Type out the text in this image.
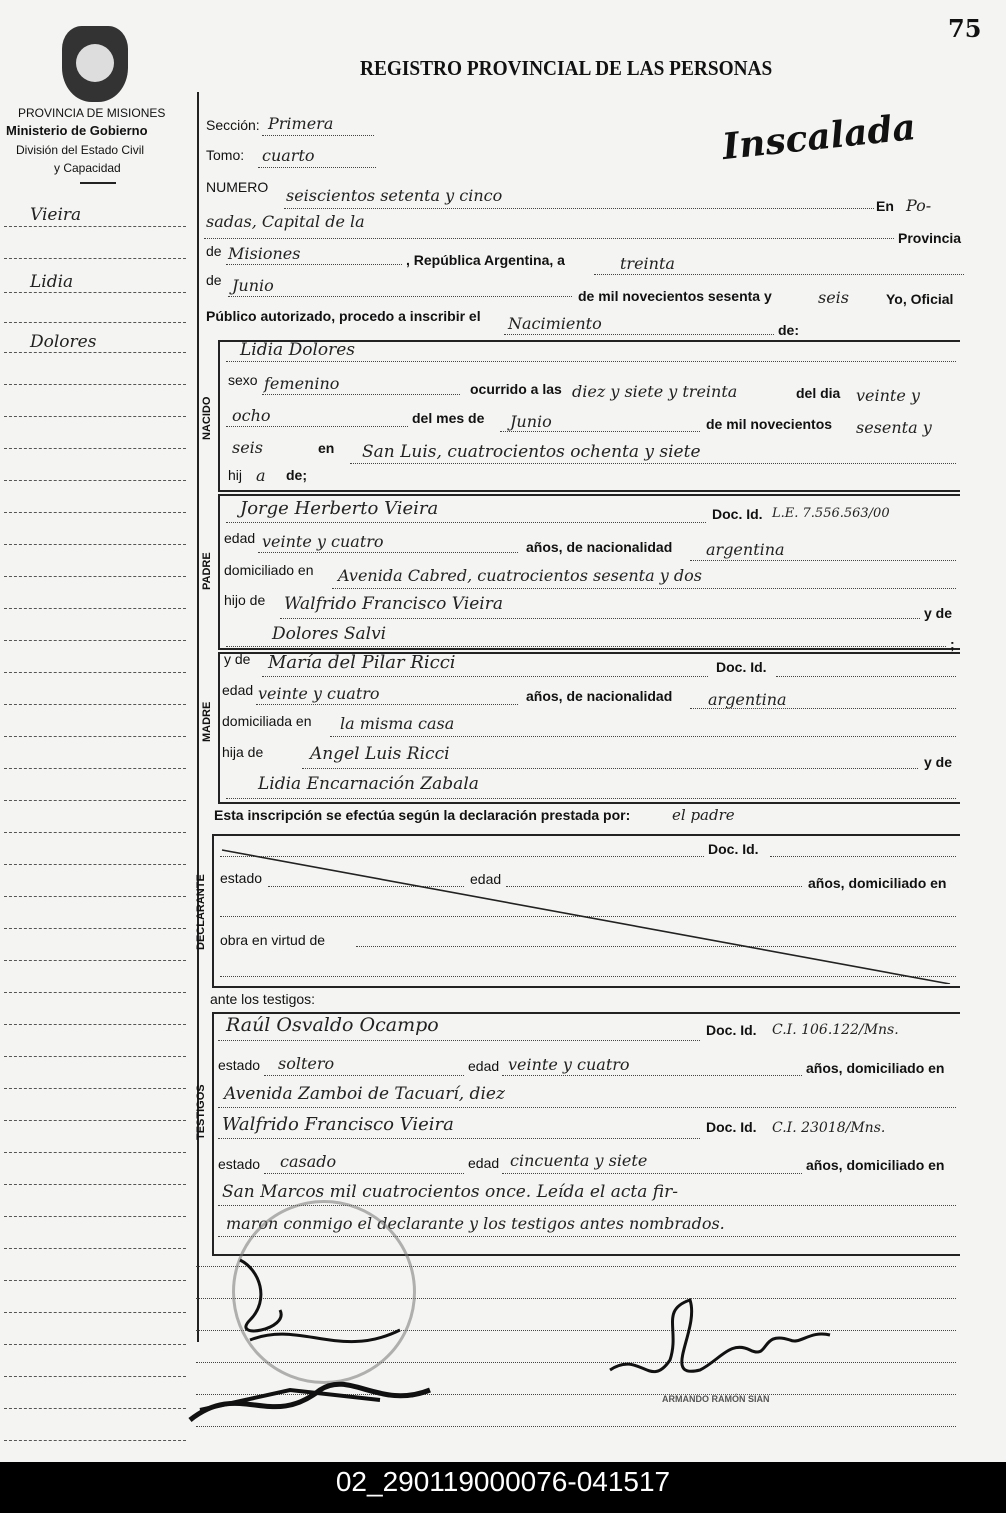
75
PROVINCIA DE MISIONES
Ministerio de Gobierno
División del Estado Civil
y Capacidad
REGISTRO PROVINCIAL DE LAS PERSONAS
Inscalada
Vieira
Lidia
Dolores
Sección: Primera
Tomo: cuarto
NUMERO seiscientos setenta y cinco
En Po-
sadas, Capital de la
Provincia
de Misiones	, República Argentina, a	treinta
de Junio
de mil novecientos sesenta y	seis	Yo, Oficial
Público autorizado, procedo a inscribir el Nacimiento	de:
NACIDO
Lidia Dolores
sexo femenino	ocurrido a las diez y siete y treinta	del dia veinte y
ocho	del mes de Junio	de mil novecientos sesenta y
seis	en San Luis, cuatrocientos ochenta y siete
hij a de;
PADRE
Jorge Herberto Vieira	Doc. Id. L.E. 7.556.563/00
edad veinte y cuatro	años, de nacionalidad argentina
domiciliado en Avenida Cabred, cuatrocientos sesenta y dos
hijo de Walfrido Francisco Vieira	y de
Dolores Salvi	;
MADRE
y de María del Pilar Ricci	Doc. Id.
edad veinte y cuatro	años, de nacionalidad argentina
domiciliada en la misma casa
hija de	Angel Luis Ricci	y de
Lidia Encarnación Zabala
Esta inscripción se efectúa según la declaración prestada por:	el padre
DECLARANTE
Doc. Id.
estado	edad	años, domiciliado en
obra en virtud de
ante los testigos:
TESTIGOS
Raúl Osvaldo Ocampo	Doc. Id. C.I. 106.122/Mns.
estado soltero	edad veinte y cuatro	años, domiciliado en
Avenida Zamboi de Tacuarí, diez
Walfrido Francisco Vieira	Doc. Id. C.I. 23018/Mns.
estado casado	edad cincuenta y siete	años, domiciliado en
San Marcos mil cuatrocientos once. Leída el acta fir-
maron conmigo el declarante y los testigos antes nombrados.
ARMANDO RAMÓN SIAN
02_290119000076-041517
